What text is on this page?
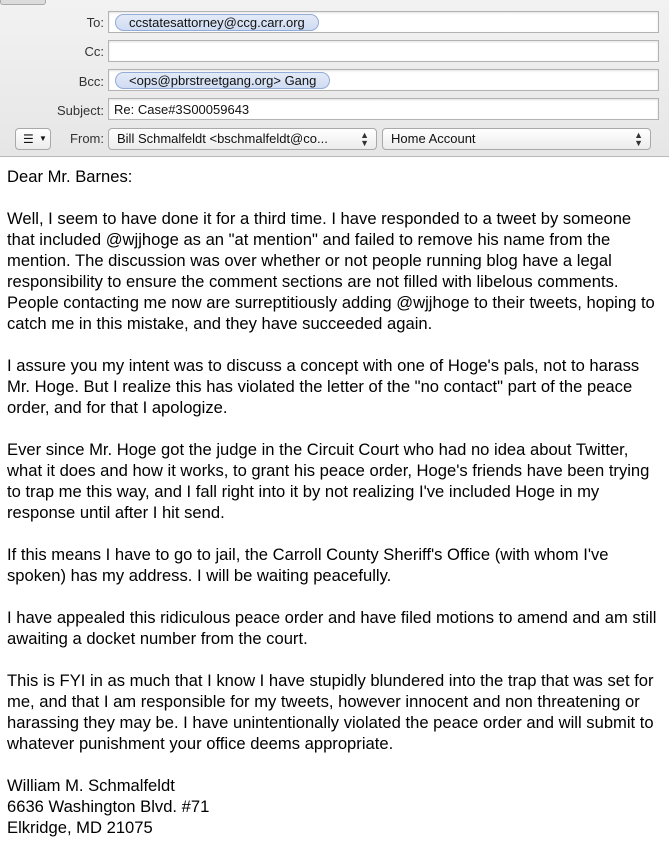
To:	ccstatesattorney@ccg.carr.org
Cc:
Bcc:	<ops@pbrstreetgang.org> Gang
Subject: Re: Case#3S00059643
☰ ▼ From: Bill Schmalfeldt <bschmalfeldt@co...	▲
▼ Home Account	▲
▼

Dear Mr. Barnes:

Well, I seem to have done it for a third time. I have responded to a tweet by someone that included @wjjhoge as an "at mention" and failed to remove his name from the mention. The discussion was over whether or not people running blog have a legal responsibility to ensure the comment sections are not filled with libelous comments. People contacting me now are surreptitiously adding @wjjhoge to their tweets, hoping to catch me in this mistake, and they have succeeded again.

I assure you my intent was to discuss a concept with one of Hoge's pals, not to harass Mr. Hoge. But I realize this has violated the letter of the "no contact" part of the peace order, and for that I apologize.

Ever since Mr. Hoge got the judge in the Circuit Court who had no idea about Twitter, what it does and how it works, to grant his peace order, Hoge's friends have been trying to trap me this way, and I fall right into it by not realizing I've included Hoge in my response until after I hit send.

If this means I have to go to jail, the Carroll County Sheriff's Office (with whom I've spoken) has my address. I will be waiting peacefully.

I have appealed this ridiculous peace order and have filed motions to amend and am still awaiting a docket number from the court.

This is FYI in as much that I know I have stupidly blundered into the trap that was set for me, and that I am responsible for my tweets, however innocent and non threatening or harassing they may be. I have unintentionally violated the peace order and will submit to whatever punishment your office deems appropriate.

William M. Schmalfeldt
6636 Washington Blvd. #71
Elkridge, MD 21075
